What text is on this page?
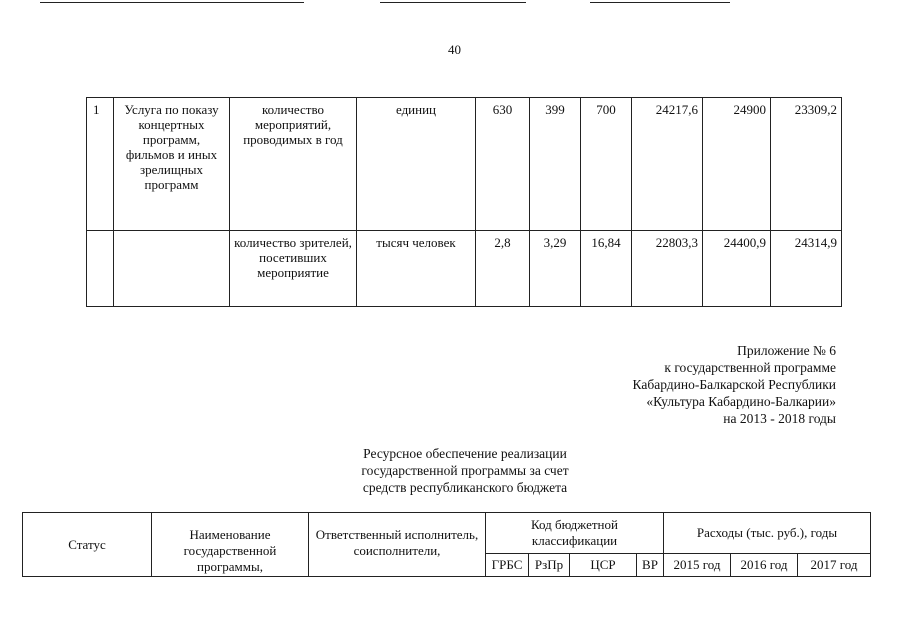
40
1	Услуга по показу концертных программ, фильмов и иных зрелищных программ	количество мероприятий, проводимых в год	единиц	630	399	700	24217,6	24900	23309,2
		количество зрителей, посетивших мероприятие	тысяч человек	2,8	3,29	16,84	22803,3	24400,9	24314,9
Приложение № 6
к государственной программе
Кабардино-Балкарской Республики
«Культура Кабардино-Балкарии»
на 2013 - 2018 годы
Ресурсное обеспечение реализации
государственной программы за счет
средств республиканского бюджета
Статус	Наименование государственной программы,	Ответственный исполнитель, соисполнители,	Код бюджетной классификации				Расходы (тыс. руб.), годы		
			ГРБС	РзПр	ЦСР	ВР	2015 год	2016 год	2017 год
